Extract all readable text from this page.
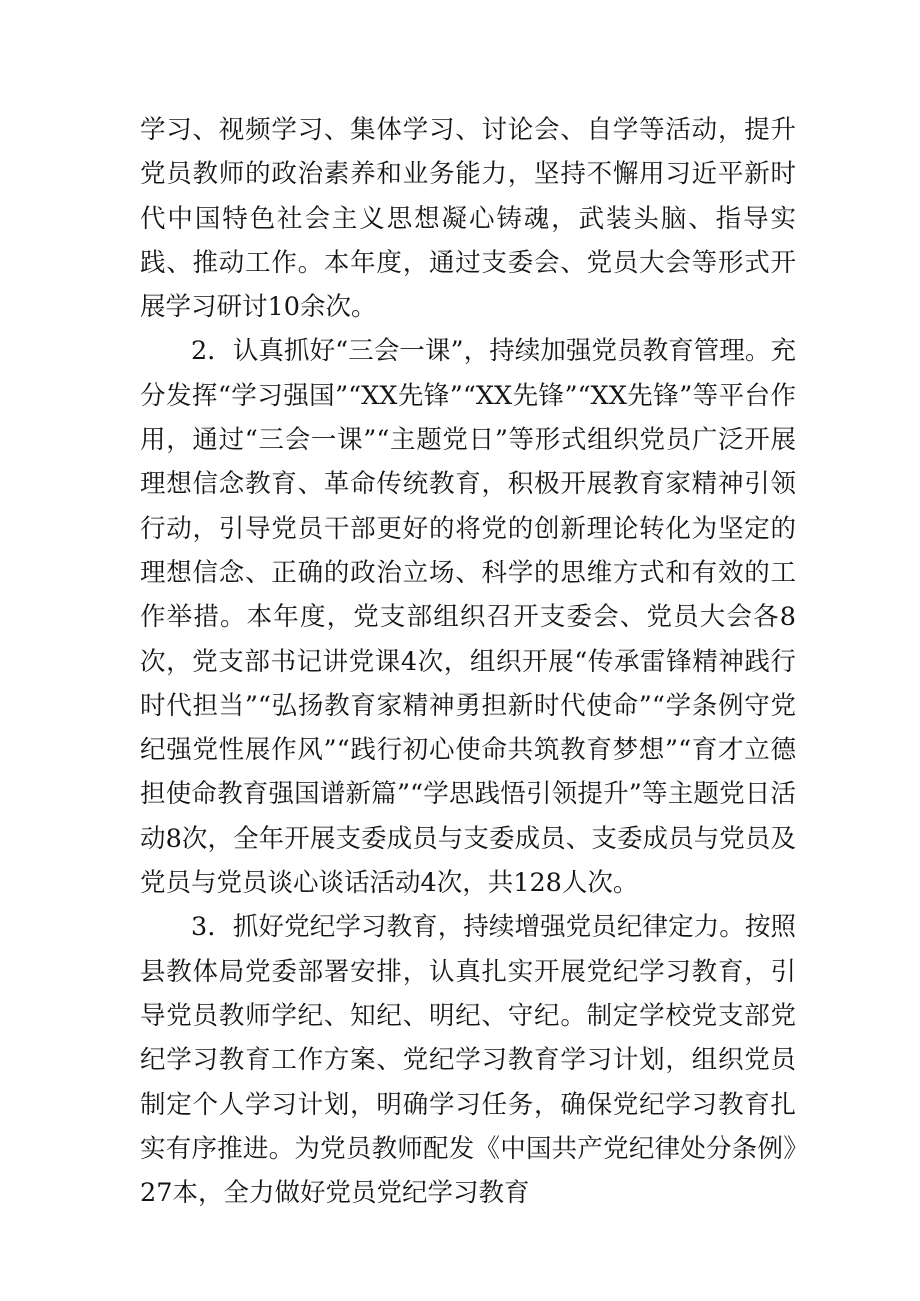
学习、视频学习、集体学习、讨论会、自学等活动，提升党员教师的政治素养和业务能力，坚持不懈用习近平新时代中国特色社会主义思想凝心铸魂，武装头脑、指导实践、推动工作。本年度，通过支委会、党员大会等形式开展学习研讨10余次。

2．认真抓好“三会一课”，持续加强党员教育管理。充分发挥“学习强国”“XX先锋”“XX先锋”“XX先锋”等平台作用，通过“三会一课”“主题党日”等形式组织党员广泛开展理想信念教育、革命传统教育，积极开展教育家精神引领行动，引导党员干部更好的将党的创新理论转化为坚定的理想信念、正确的政治立场、科学的思维方式和有效的工作举措。本年度，党支部组织召开支委会、党员大会各8次，党支部书记讲党课4次，组织开展“传承雷锋精神践行时代担当”“弘扬教育家精神勇担新时代使命”“学条例守党纪强党性展作风”“践行初心使命共筑教育梦想”“育才立德担使命教育强国谱新篇”“学思践悟引领提升”等主题党日活动8次，全年开展支委成员与支委成员、支委成员与党员及党员与党员谈心谈话活动4次，共128人次。

3．抓好党纪学习教育，持续增强党员纪律定力。按照县教体局党委部署安排，认真扎实开展党纪学习教育，引导党员教师学纪、知纪、明纪、守纪。制定学校党支部党纪学习教育工作方案、党纪学习教育学习计划，组织党员制定个人学习计划，明确学习任务，确保党纪学习教育扎实有序推进。为党员教师配发《中国共产党纪律处分条例》27本，全力做好党员党纪学习教育
